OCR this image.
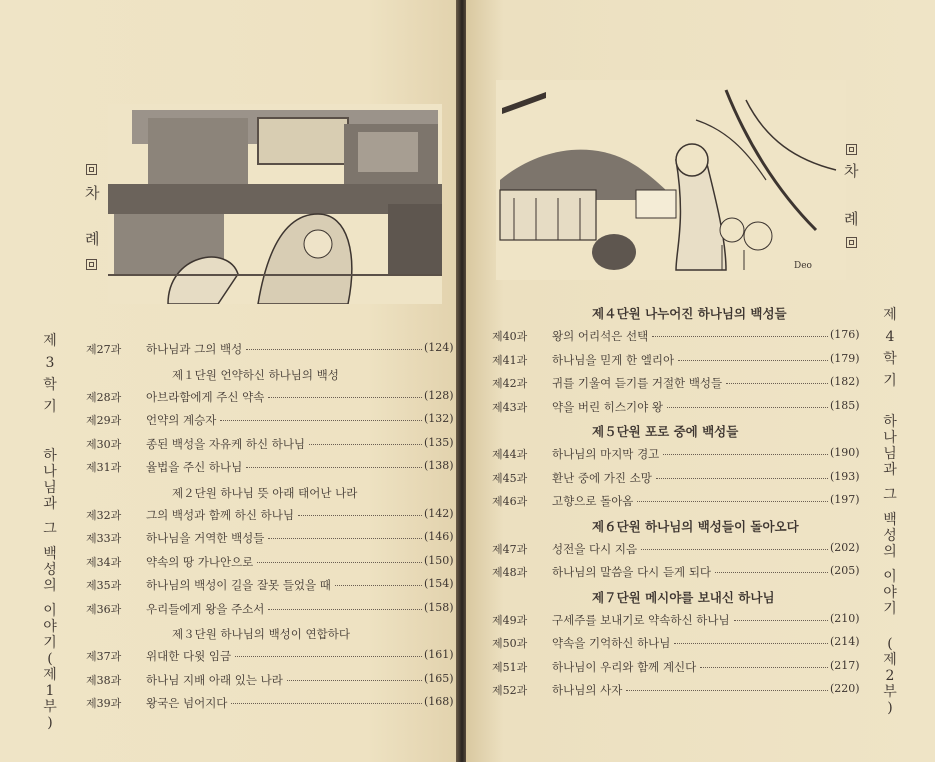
차
례
제
3
학
기
하
나
님
과
그
백
성
의
이
야
기
(
제
1
부
)
제27과 하나님과 그의 백성	(124)
제１단원 언약하신 하나님의 백성
제28과 아브라함에게 주신 약속	(128)
제29과 언약의 계승자	(132)
제30과 종된 백성을 자유케 하신 하나님	(135)
제31과 율법을 주신 하나님	(138)
제２단원 하나님 뜻 아래 태어난 나라
제32과 그의 백성과 함께 하신 하나님	(142)
제33과 하나님을 거역한 백성들	(146)
제34과 약속의 땅 가나안으로	(150)
제35과 하나님의 백성이 길을 잘못 들었을 때	(154)
제36과 우리들에게 왕을 주소서	(158)
제３단원 하나님의 백성이 연합하다
제37과 위대한 다윗 임금	(161)
제38과 하나님 지배 아래 있는 나라	(165)
제39과 왕국은 넘어지다	(168)
Deo
차
례
제
4
학
기
하
나
님
과
그
백
성
의
이
야
기
(
제
2
부
)
제４단원 나누어진 하나님의 백성들
제40과 왕의 어리석은 선택	(176)
제41과 하나님을 믿게 한 엘리아	(179)
제42과 귀를 기울여 듣기를 거절한 백성들	(182)
제43과 약을 버린 히스기야 왕	(185)
제５단원 포로 중에 백성들
제44과 하나님의 마지막 경고	(190)
제45과 환난 중에 가진 소망	(193)
제46과 고향으로 돌아옴	(197)
제６단원 하나님의 백성들이 돌아오다
제47과 성전을 다시 지음	(202)
제48과 하나님의 말씀을 다시 듣게 되다	(205)
제７단원 메시야를 보내신 하나님
제49과 구세주를 보내기로 약속하신 하나님	(210)
제50과 약속을 기억하신 하나님	(214)
제51과 하나님이 우리와 함께 계신다	(217)
제52과 하나님의 사자	(220)
